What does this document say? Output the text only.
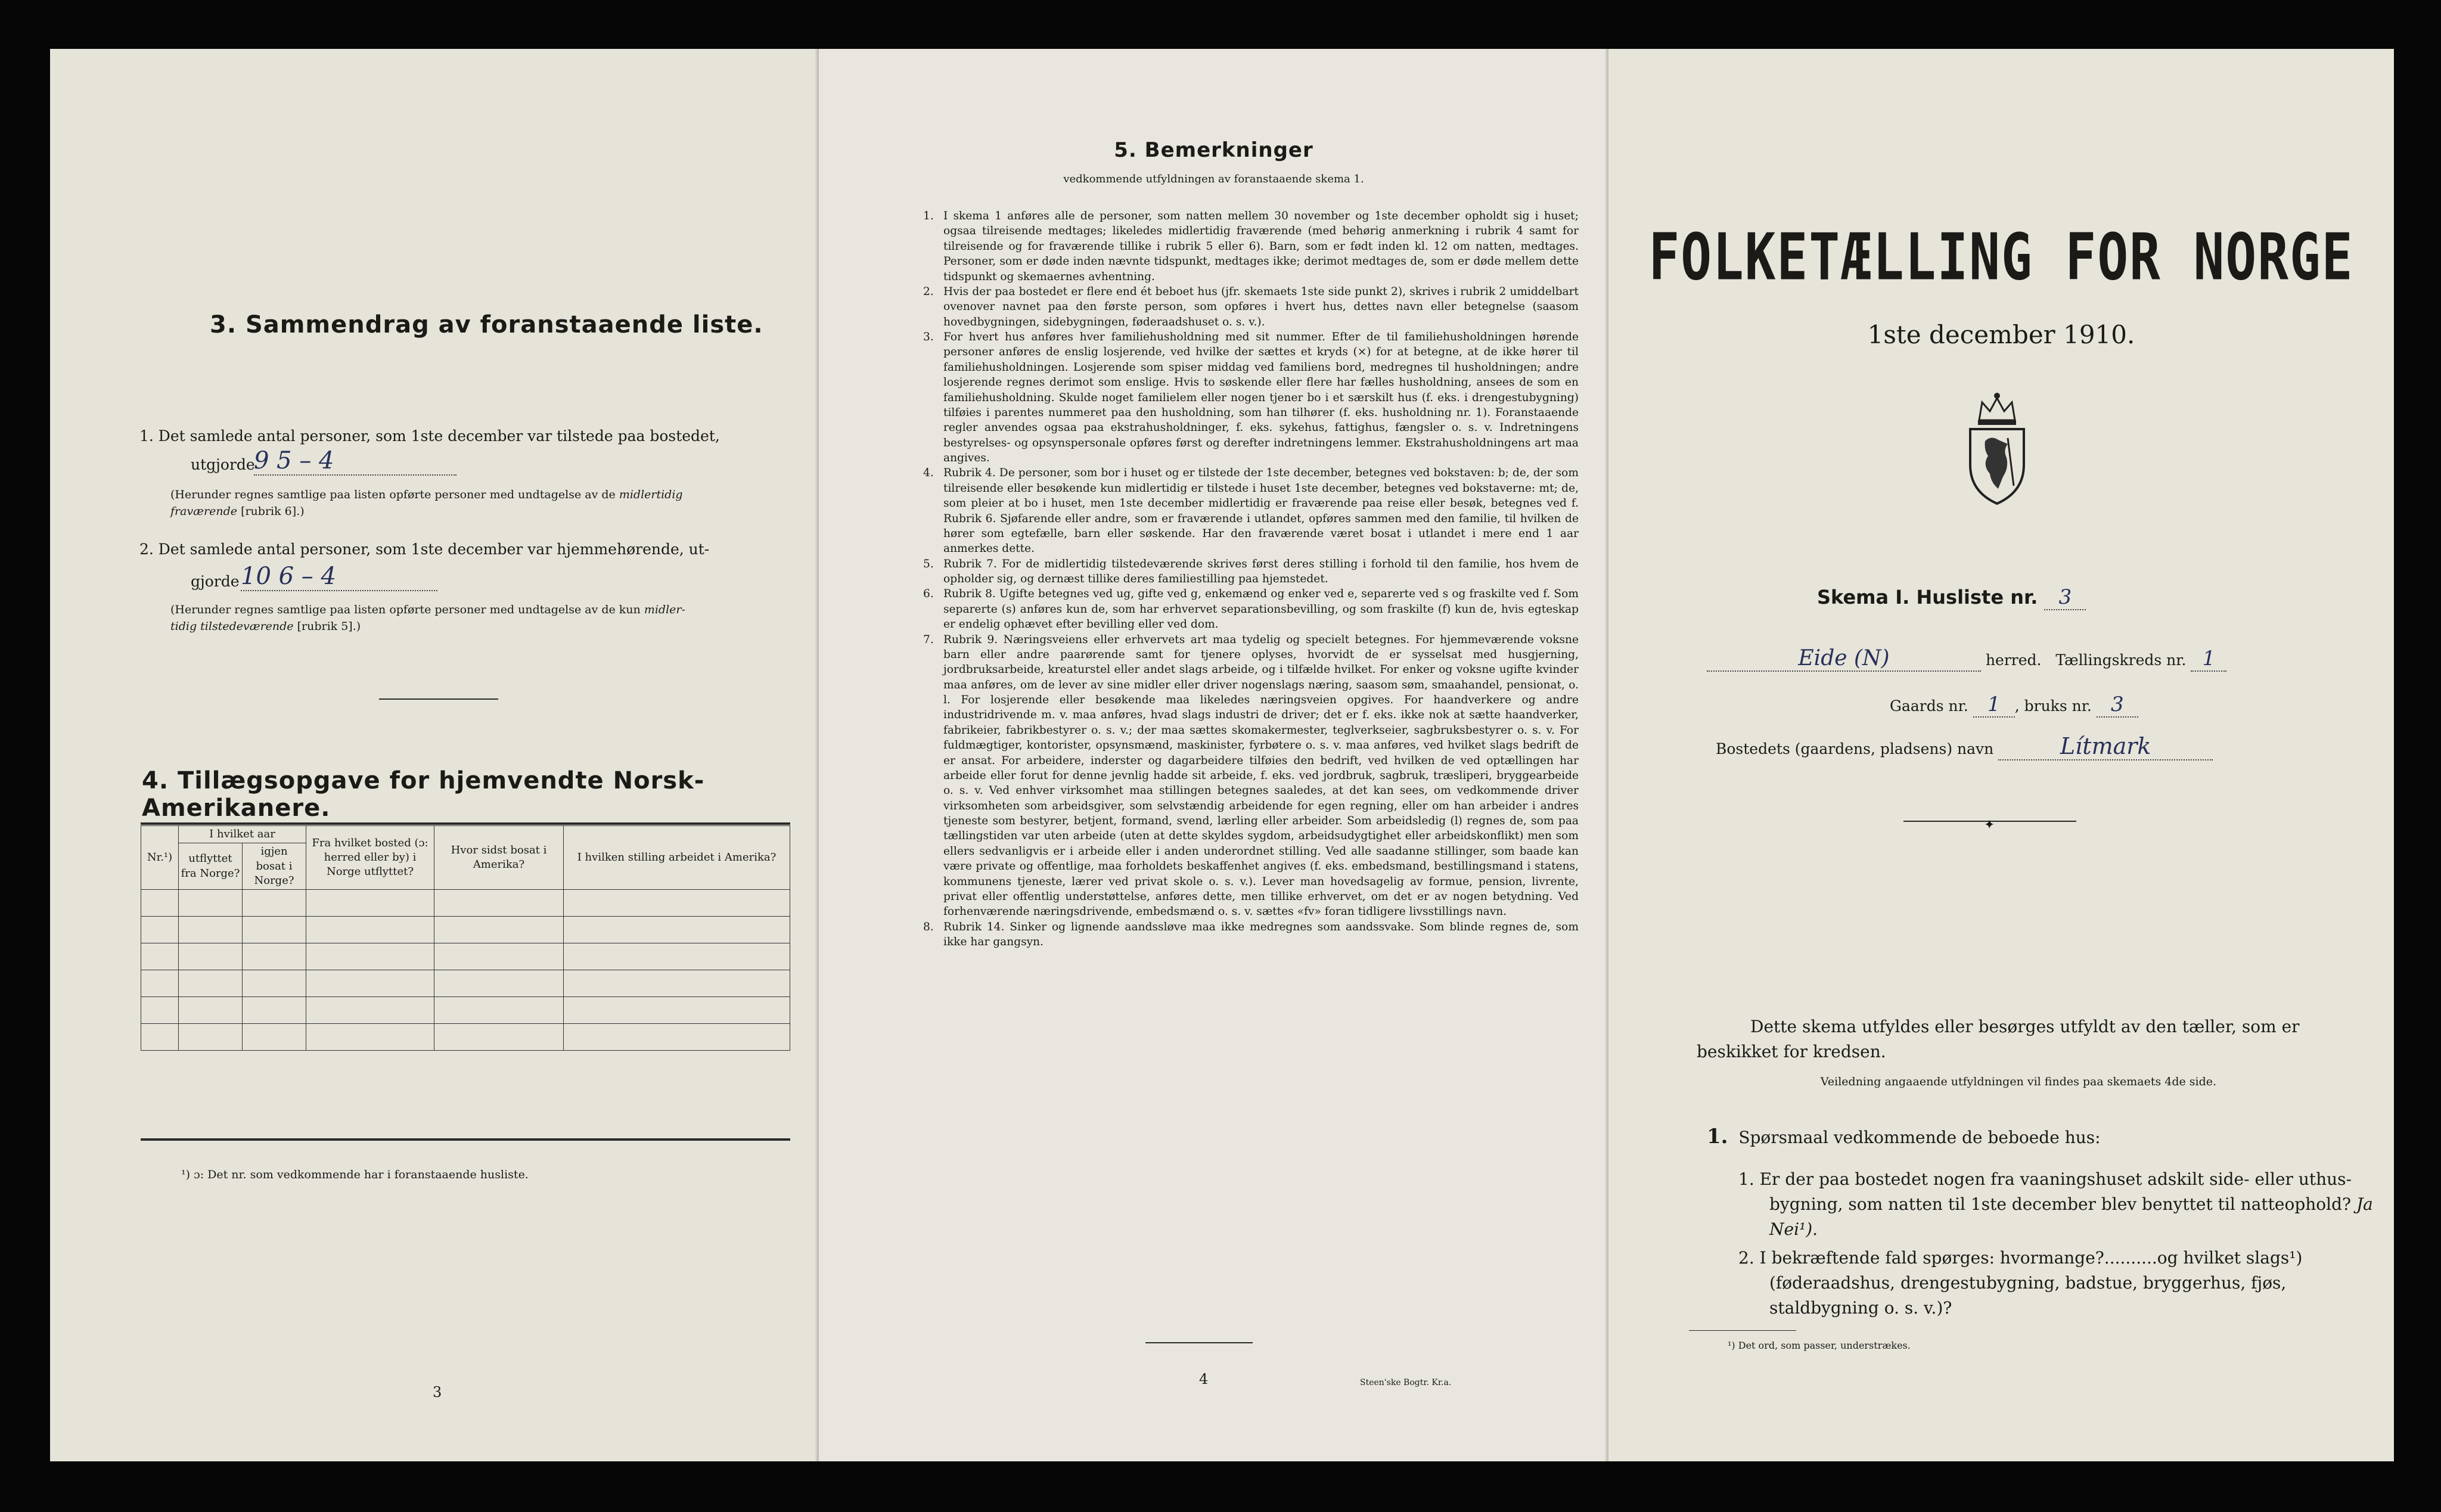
3. Sammendrag av foranstaaende liste.
1. Det samlede antal personer, som 1ste december var tilstede paa bostedet,
utgjorde
9 5 – 4
(Herunder regnes samtlige paa listen opførte personer med undtagelse av de midlertidig
fraværende [rubrik 6].)
2. Det samlede antal personer, som 1ste december var hjemmehørende, ut-
gjorde 10 6 – 4
(Herunder regnes samtlige paa listen opførte personer med undtagelse av de kun midler-
tidig tilstedeværende [rubrik 5].)
4. Tillægsopgave for hjemvendte Norsk-Amerikanere.
Nr.¹)	I hvilket aar		Fra hvilket bosted (ɔ: herred eller by) i Norge utflyttet?	Hvor sidst bosat i Amerika?	I hvilken stilling arbeidet i Amerika?
	utflyttet fra Norge?	igjen bosat i Norge?			

¹) ɔ: Det nr. som vedkommende har i foranstaaende husliste.
3
5. Bemerkninger
vedkommende utfyldningen av foranstaaende skema 1.
1. I skema 1 anføres alle de personer, som natten mellem 30 november og 1ste december opholdt sig i huset; ogsaa tilreisende medtages; likeledes midlertidig fraværende (med behørig anmerkning i rubrik 4 samt for tilreisende og for fraværende tillike i rubrik 5 eller 6). Barn, som er født inden kl. 12 om natten, medtages. Personer, som er døde inden nævnte tidspunkt, medtages ikke; derimot medtages de, som er døde mellem dette tidspunkt og skemaernes avhentning.
2. Hvis der paa bostedet er flere end ét beboet hus (jfr. skemaets 1ste side punkt 2), skrives i rubrik 2 umiddelbart ovenover navnet paa den første person, som opføres i hvert hus, dettes navn eller betegnelse (saasom hovedbygningen, sidebygningen, føderaadshuset o. s. v.).
3. For hvert hus anføres hver familiehusholdning med sit nummer. Efter de til familiehusholdningen hørende personer anføres de enslig losjerende, ved hvilke der sættes et kryds (×) for at betegne, at de ikke hører til familiehusholdningen. Losjerende som spiser middag ved familiens bord, medregnes til husholdningen; andre losjerende regnes derimot som enslige. Hvis to søskende eller flere har fælles husholdning, ansees de som en familiehusholdning. Skulde noget familielem eller nogen tjener bo i et særskilt hus (f. eks. i drengestubygning) tilføies i parentes nummeret paa den husholdning, som han tilhører (f. eks. husholdning nr. 1). Foranstaaende regler anvendes ogsaa paa ekstrahusholdninger, f. eks. sykehus, fattighus, fængsler o. s. v. Indretningens bestyrelses- og opsynspersonale opføres først og derefter indretningens lemmer. Ekstrahusholdningens art maa angives.
4. Rubrik 4. De personer, som bor i huset og er tilstede der 1ste december, betegnes ved bokstaven: b; de, der som tilreisende eller besøkende kun midlertidig er tilstede i huset 1ste december, betegnes ved bokstaverne: mt; de, som pleier at bo i huset, men 1ste december midlertidig er fraværende paa reise eller besøk, betegnes ved f. Rubrik 6. Sjøfarende eller andre, som er fraværende i utlandet, opføres sammen med den familie, til hvilken de hører som egtefælle, barn eller søskende. Har den fraværende været bosat i utlandet i mere end 1 aar anmerkes dette.
5. Rubrik 7. For de midlertidig tilstedeværende skrives først deres stilling i forhold til den familie, hos hvem de opholder sig, og dernæst tillike deres familiestilling paa hjemstedet.
6. Rubrik 8. Ugifte betegnes ved ug, gifte ved g, enkemænd og enker ved e, separerte ved s og fraskilte ved f. Som separerte (s) anføres kun de, som har erhvervet separationsbevilling, og som fraskilte (f) kun de, hvis egteskap er endelig ophævet efter bevilling eller ved dom.
7. Rubrik 9. Næringsveiens eller erhvervets art maa tydelig og specielt betegnes. For hjemmeværende voksne barn eller andre paarørende samt for tjenere oplyses, hvorvidt de er sysselsat med husgjerning, jordbruksarbeide, kreaturstel eller andet slags arbeide, og i tilfælde hvilket. For enker og voksne ugifte kvinder maa anføres, om de lever av sine midler eller driver nogenslags næring, saasom søm, smaahandel, pensionat, o. l. For losjerende eller besøkende maa likeledes næringsveien opgives. For haandverkere og andre industridrivende m. v. maa anføres, hvad slags industri de driver; det er f. eks. ikke nok at sætte haandverker, fabrikeier, fabrikbestyrer o. s. v.; der maa sættes skomakermester, teglverkseier, sagbruksbestyrer o. s. v. For fuldmægtiger, kontorister, opsynsmænd, maskinister, fyrbøtere o. s. v. maa anføres, ved hvilket slags bedrift de er ansat. For arbeidere, inderster og dagarbeidere tilføies den bedrift, ved hvilken de ved optællingen har arbeide eller forut for denne jevnlig hadde sit arbeide, f. eks. ved jordbruk, sagbruk, træsliperi, bryggearbeide o. s. v. Ved enhver virksomhet maa stillingen betegnes saaledes, at det kan sees, om vedkommende driver virksomheten som arbeidsgiver, som selvstændig arbeidende for egen regning, eller om han arbeider i andres tjeneste som bestyrer, betjent, formand, svend, lærling eller arbeider. Som arbeidsledig (l) regnes de, som paa tællingstiden var uten arbeide (uten at dette skyldes sygdom, arbeidsudygtighet eller arbeidskonflikt) men som ellers sedvanligvis er i arbeide eller i anden underordnet stilling. Ved alle saadanne stillinger, som baade kan være private og offentlige, maa forholdets beskaffenhet angives (f. eks. embedsmand, bestillingsmand i statens, kommunens tjeneste, lærer ved privat skole o. s. v.). Lever man hovedsagelig av formue, pension, livrente, privat eller offentlig understøttelse, anføres dette, men tillike erhvervet, om det er av nogen betydning. Ved forhenværende næringsdrivende, embedsmænd o. s. v. sættes «fv» foran tidligere livsstillings navn.
8. Rubrik 14. Sinker og lignende aandssløve maa ikke medregnes som aandssvake. Som blinde regnes de, som ikke har gangsyn.
4	Steen'ske Bogtr. Kr.a.
FOLKETÆLLING FOR NORGE
1ste december 1910.
Skema I. Husliste nr. 3
Eide (N)	herred. Tællingskreds nr. 1
Gaards nr. 1 , bruks nr. 3
Bostedets (gaardens, pladsens) navn	Lítmark
✦
Dette skema utfyldes eller besørges utfyldt av den tæller, som er beskikket for kredsen.
Veiledning angaaende utfyldningen vil findes paa skemaets 4de side.
1. Spørsmaal vedkommende de beboede hus:
1. Er der paa bostedet nogen fra vaaningshuset adskilt side- eller uthus-bygning, som natten til 1ste december blev benyttet til natteophold? Ja Nei¹).
2. I bekræftende fald spørges: hvormange?..........og hvilket slags¹) (føderaadshus, drengestubygning, badstue, bryggerhus, fjøs, staldbygning o. s. v.)?
¹) Det ord, som passer, understrækes.
